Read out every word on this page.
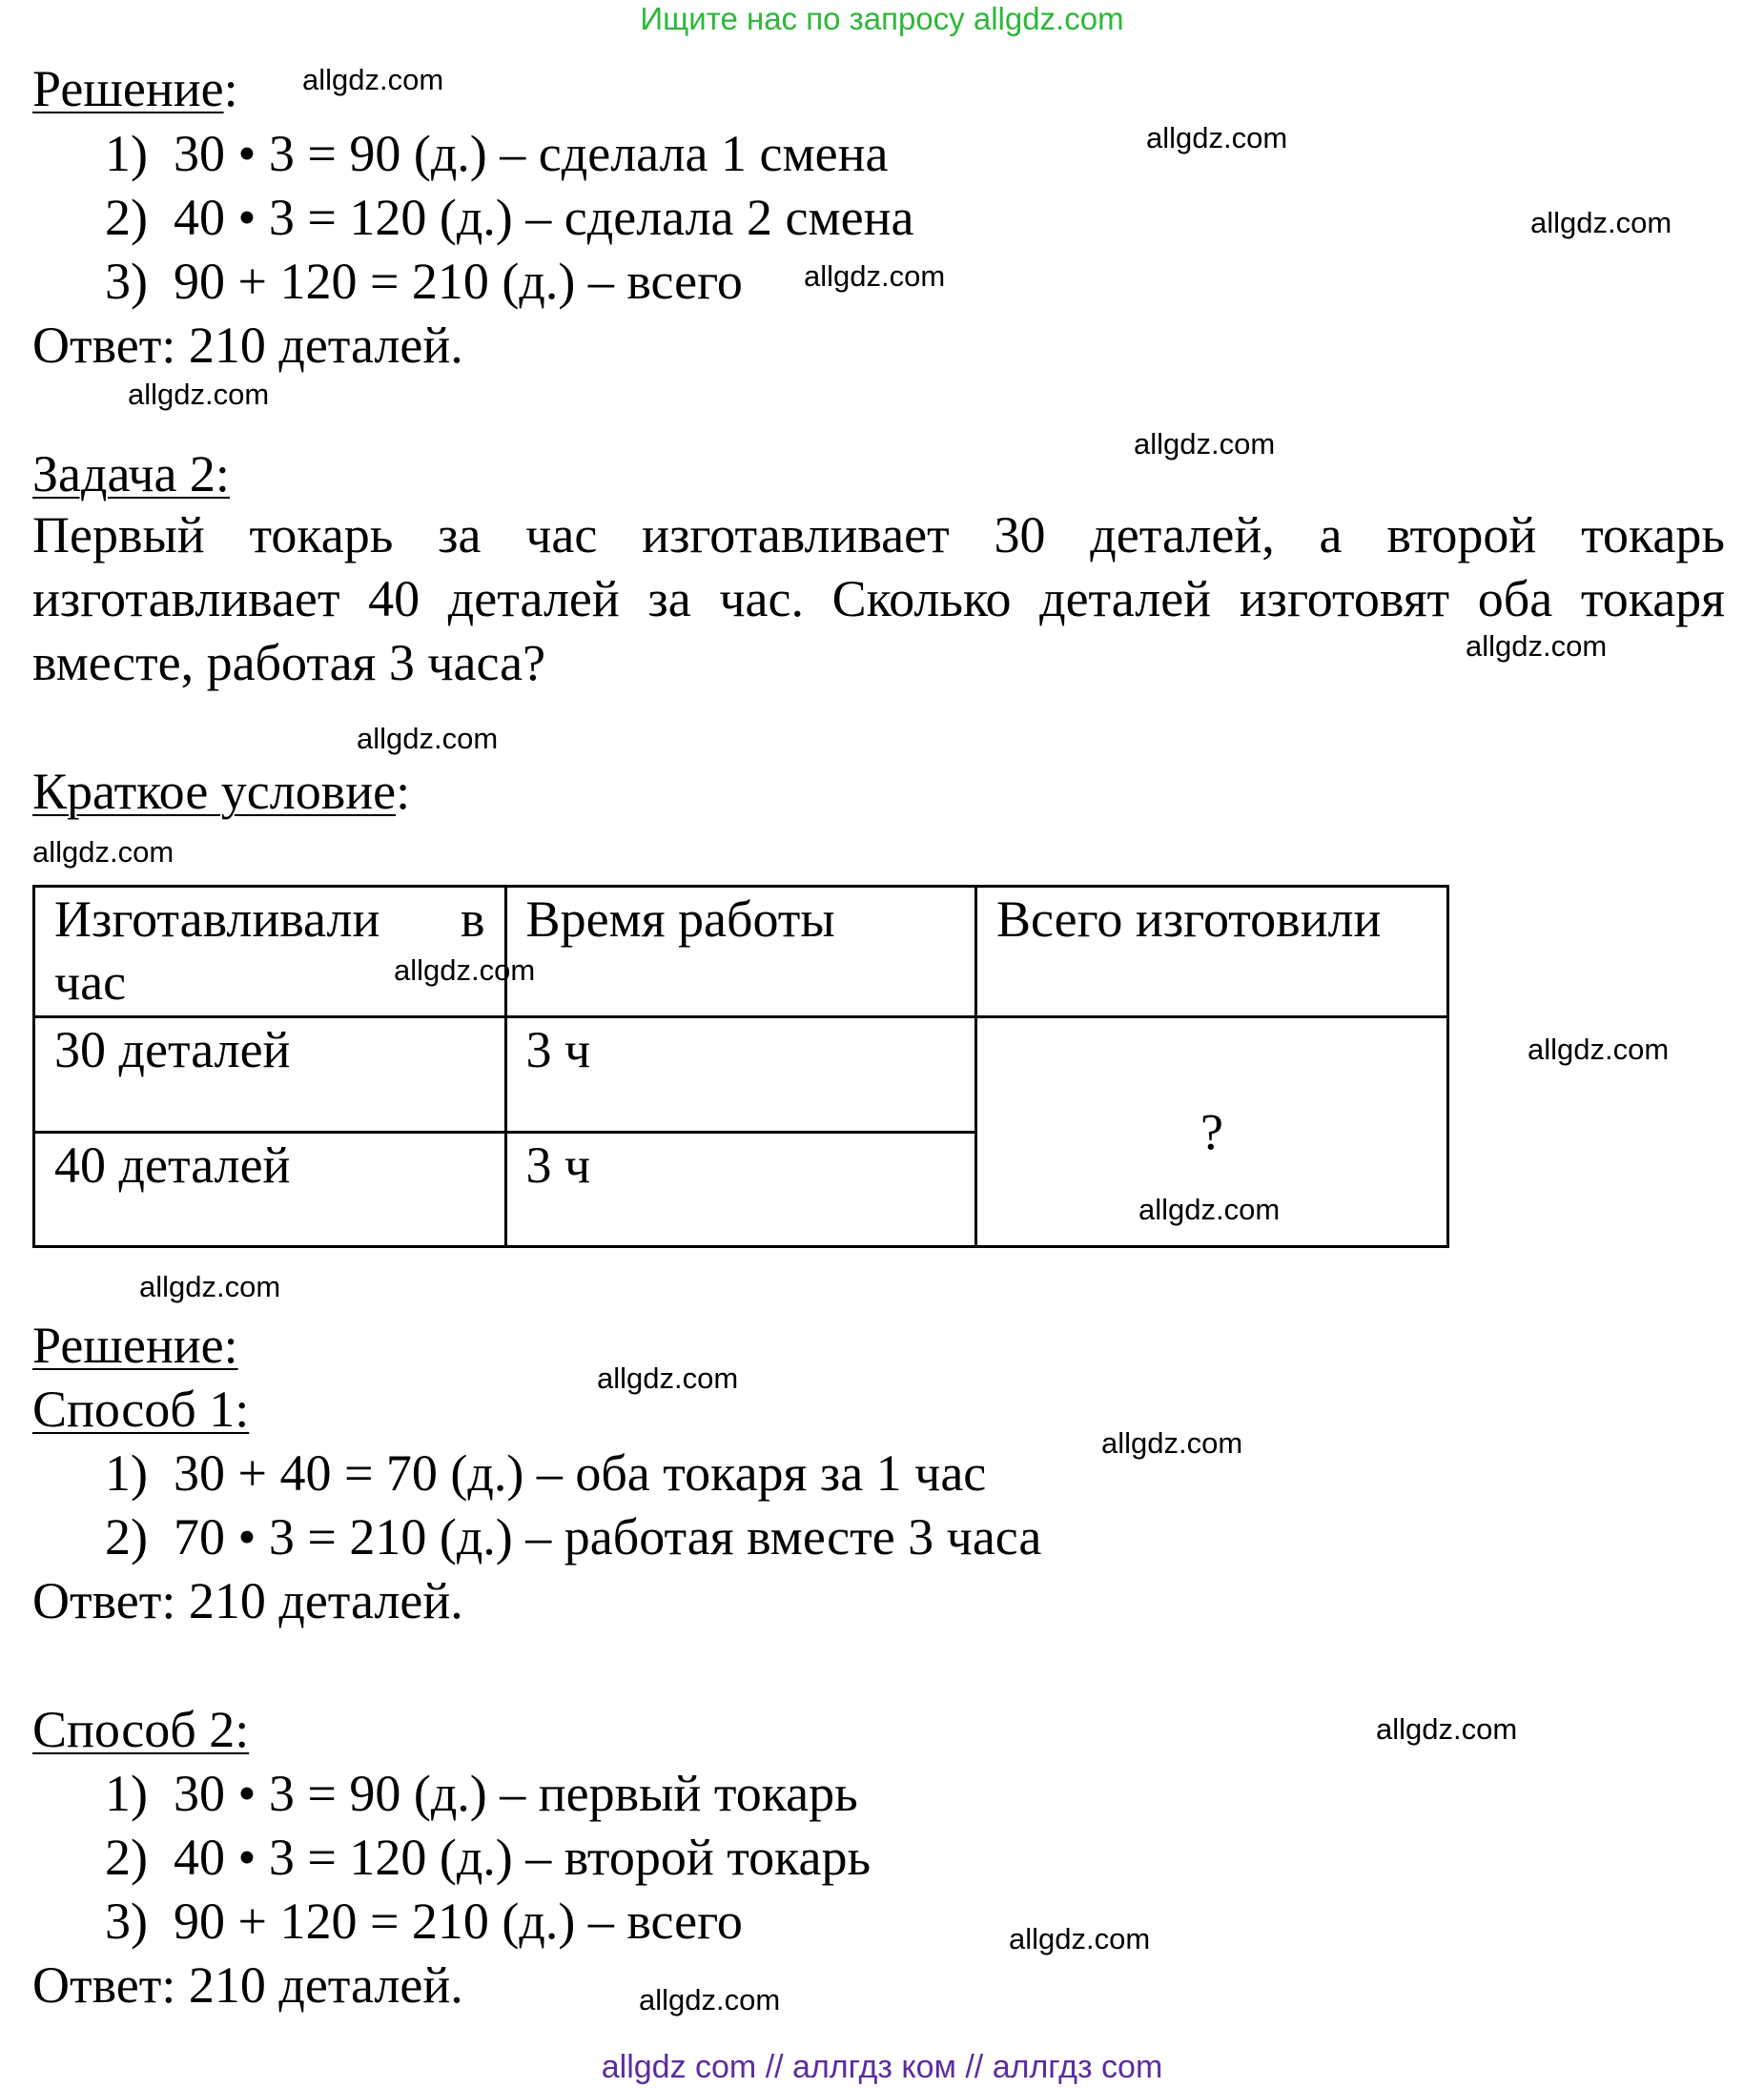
Ищите нас по запросу allgdz.com
Решение:
1) 30 • 3 = 90 (д.) – сделала 1 смена
2) 40 • 3 = 120 (д.) – сделала 2 смена
3) 90 + 120 = 210 (д.) – всего
Ответ: 210 деталей.
Задача 2:
Первый токарь за час изготавливает 30 деталей, а второй токарь изготавливает 40 деталей за час. Сколько деталей изготовят оба токаря вместе, работая 3 часа?
Краткое условие:
Изготавливали в
час	Время работы	Всего изготовили
30 деталей	3 ч	?
40 деталей	3 ч	
Решение:
Способ 1:
1) 30 + 40 = 70 (д.) – оба токаря за 1 час
2) 70 • 3 = 210 (д.) – работая вместе 3 часа
Ответ: 210 деталей.
Способ 2:
1) 30 • 3 = 90 (д.) – первый токарь
2) 40 • 3 = 120 (д.) – второй токарь
3) 90 + 120 = 210 (д.) – всего
Ответ: 210 деталей.
allgdz.com
allgdz.com
allgdz.com
allgdz.com
allgdz.com
allgdz.com
allgdz.com
allgdz.com
allgdz.com
allgdz.com
allgdz.com
allgdz.com
allgdz.com
allgdz.com
allgdz.com
allgdz.com
allgdz.com
allgdz.com
allgdz com // аллгдз ком // аллгдз com
